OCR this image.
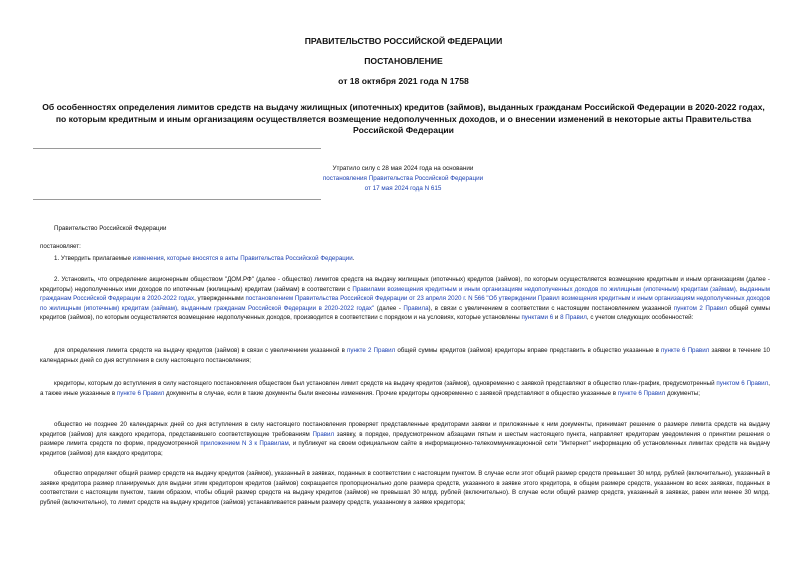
ПРАВИТЕЛЬСТВО РОССИЙСКОЙ ФЕДЕРАЦИИ
ПОСТАНОВЛЕНИЕ
от 18 октября 2021 года N 1758
Об особенностях определения лимитов средств на выдачу жилищных (ипотечных) кредитов (займов), выданных гражданам Российской Федерации в 2020-2022 годах, по которым кредитным и иным организациям осуществляется возмещение недополученных доходов, и о внесении изменений в некоторые акты Правительства Российской Федерации
Утратило силу с 28 мая 2024 года на основании
постановления Правительства Российской Федерации
от 17 мая 2024 года N 615

Правительство Российской Федерации

постановляет:

1. Утвердить прилагаемые изменения, которые вносятся в акты Правительства Российской Федерации.

2. Установить, что определение акционерным обществом "ДОМ.РФ" (далее - общество) лимитов средств на выдачу жилищных (ипотечных) кредитов (займов), по которым осуществляется возмещение кредитным и иным организациям (далее - кредиторы) недополученных ими доходов по ипотечным (жилищным) кредитам (займам) в соответствии с Правилами возмещения кредитным и иным организациям недополученных доходов по жилищным (ипотечным) кредитам (займам), выданным гражданам Российской Федерации в 2020-2022 годах, утвержденными постановлением Правительства Российской Федерации от 23 апреля 2020 г. N 566 "Об утверждении Правил возмещения кредитным и иным организациям недополученных доходов по жилищным (ипотечным) кредитам (займам), выданным гражданам Российской Федерации в 2020-2022 годах" (далее - Правила), в связи с увеличением в соответствии с настоящим постановлением указанной пунктом 2 Правил общей суммы кредитов (займов), по которым осуществляется возмещение недополученных доходов, производится в соответствии с порядком и на условиях, которые установлены пунктами 6 и 8 Правил, с учетом следующих особенностей:

для определения лимита средств на выдачу кредитов (займов) в связи с увеличением указанной в пункте 2 Правил общей суммы кредитов (займов) кредиторы вправе представить в общество указанные в пункте 6 Правил заявки в течение 10 календарных дней со дня вступления в силу настоящего постановления;

кредиторы, которым до вступления в силу настоящего постановления обществом был установлен лимит средств на выдачу кредитов (займов), одновременно с заявкой представляют в общество план-график, предусмотренный пунктом 6 Правил, а также иные указанные в пункте 6 Правил документы в случае, если в такие документы были внесены изменения. Прочие кредиторы одновременно с заявкой представляют в общество указанные в пункте 6 Правил документы;

общество не позднее 20 календарных дней со дня вступления в силу настоящего постановления проверяет представленные кредиторами заявки и приложенные к ним документы, принимает решение о размере лимита средств на выдачу кредитов (займов) для каждого кредитора, представившего соответствующие требованиям Правил заявку, в порядке, предусмотренном абзацами пятым и шестым настоящего пункта, направляет кредиторам уведомления о принятии решения о размере лимита средств по форме, предусмотренной приложением N 3 к Правилам, и публикует на своем официальном сайте в информационно-телекоммуникационной сети "Интернет" информацию об установленных лимитах средств на выдачу кредитов (займов) для каждого кредитора;

общество определяет общий размер средств на выдачу кредитов (займов), указанный в заявках, поданных в соответствии с настоящим пунктом. В случае если этот общий размер средств превышает 30 млрд. рублей (включительно), указанный в заявке кредитора размер планируемых для выдачи этим кредитором кредитов (займов) сокращается пропорционально доле размера средств, указанного в заявке этого кредитора, в общем размере средств, указанном во всех заявках, поданных в соответствии с настоящим пунктом, таким образом, чтобы общий размер средств на выдачу кредитов (займов) не превышал 30 млрд. рублей (включительно). В случае если общий размер средств, указанный в заявках, равен или менее 30 млрд. рублей (включительно), то лимит средств на выдачу кредитов (займов) устанавливается равным размеру средств, указанному в заявке кредитора;
